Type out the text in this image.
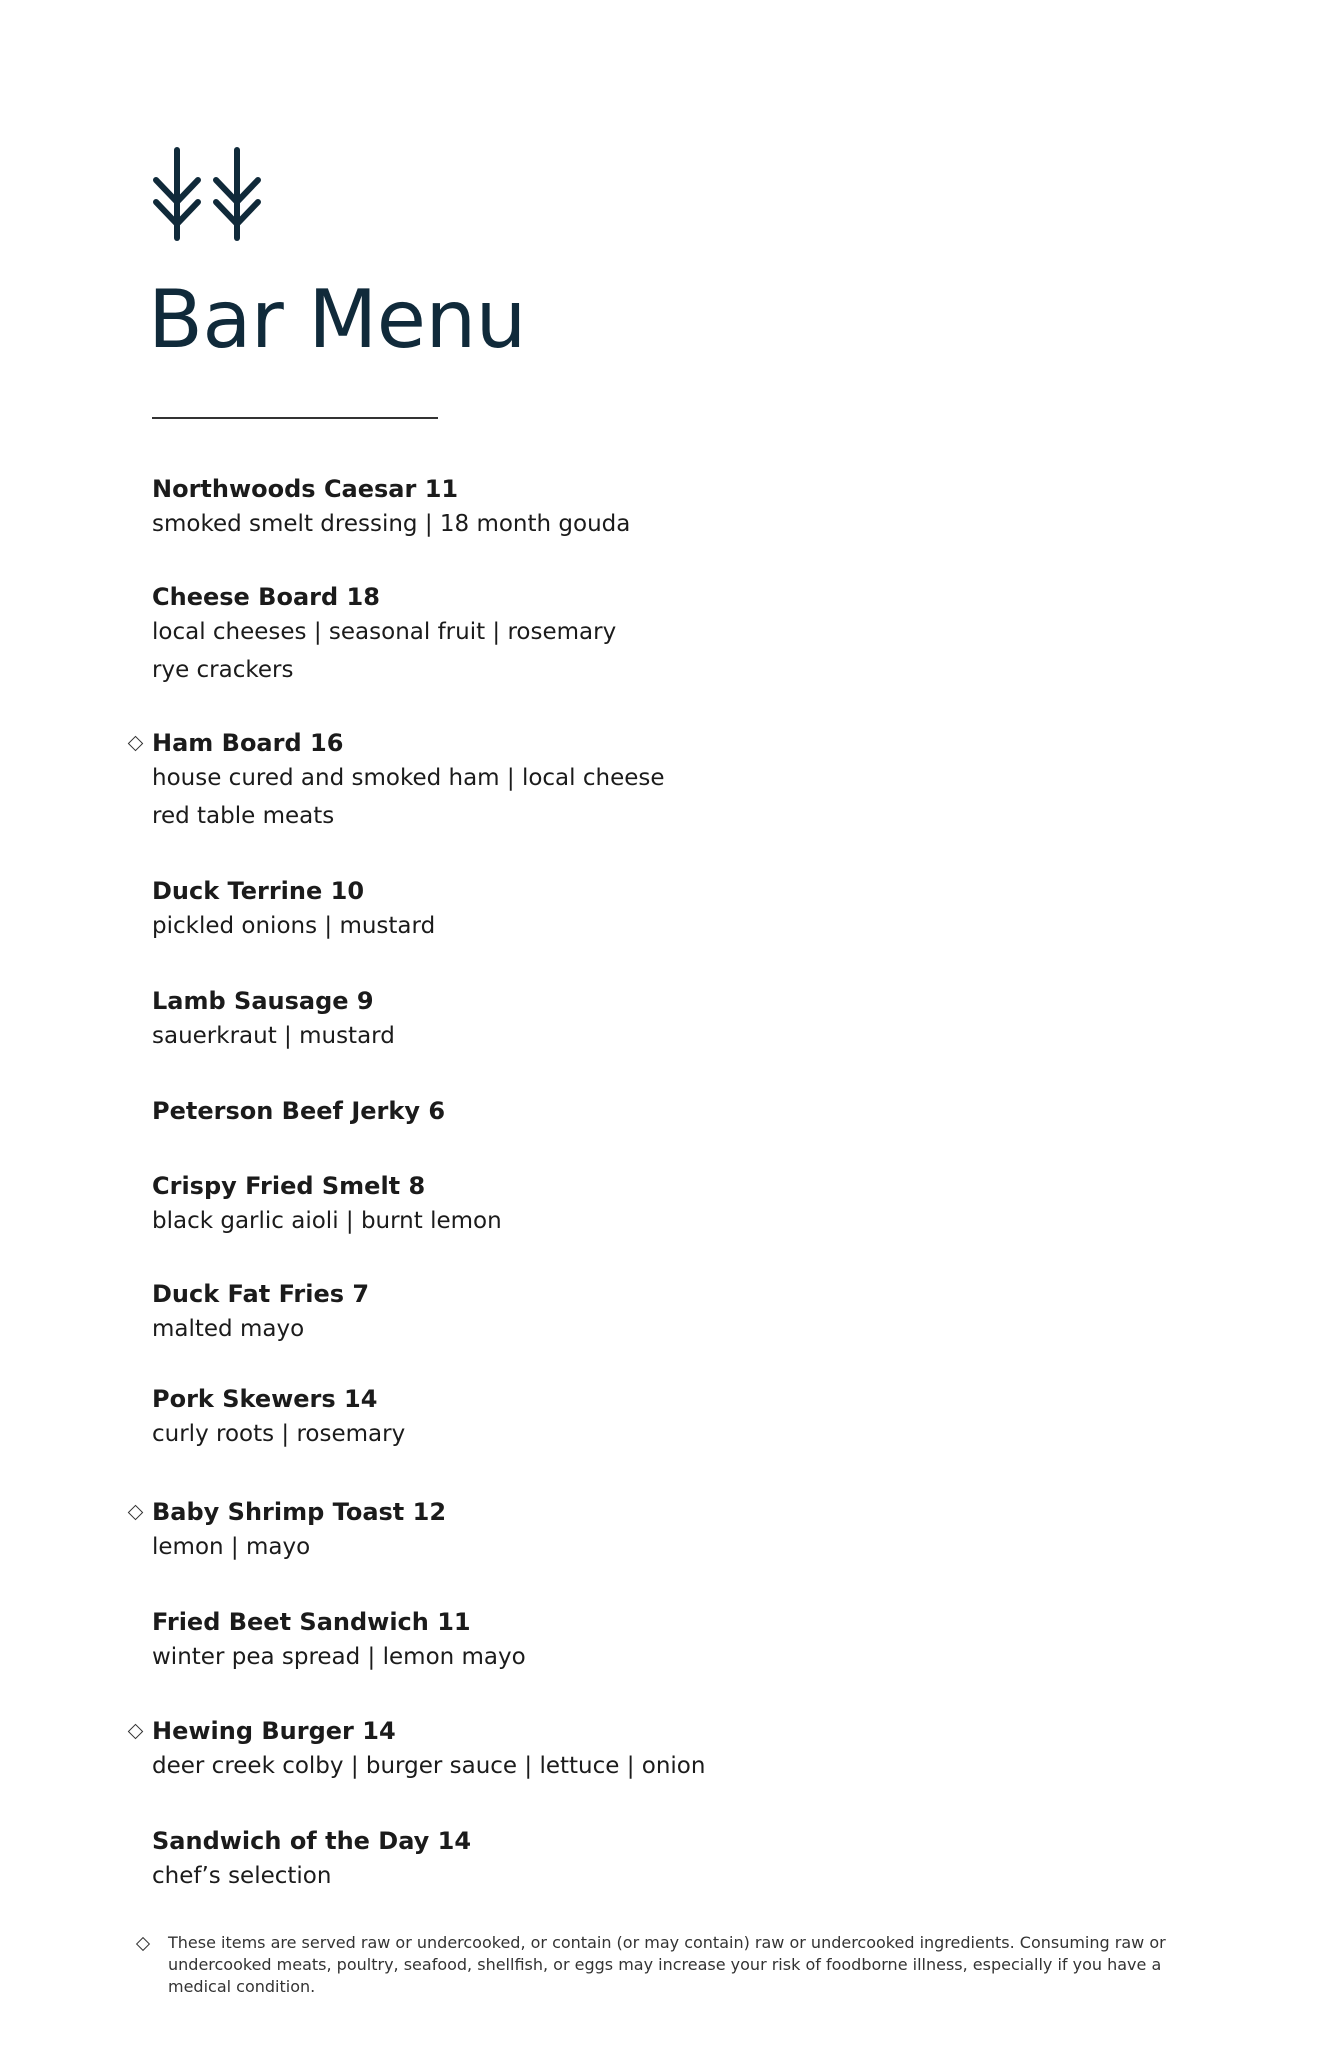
Bar Menu
Northwoods Caesar 11
smoked smelt dressing | 18 month gouda
Cheese Board 18
local cheeses | seasonal fruit | rosemary
rye crackers
Ham Board 16
house cured and smoked ham | local cheese
red table meats
Duck Terrine 10
pickled onions | mustard
Lamb Sausage 9
sauerkraut | mustard
Peterson Beef Jerky 6
Crispy Fried Smelt 8
black garlic aioli | burnt lemon
Duck Fat Fries 7
malted mayo
Pork Skewers 14
curly roots | rosemary
Baby Shrimp Toast 12
lemon | mayo
Fried Beet Sandwich 11
winter pea spread | lemon mayo
Hewing Burger 14
deer creek colby | burger sauce | lettuce | onion
Sandwich of the Day 14
chef’s selection
These items are served raw or undercooked, or contain (or may contain) raw or undercooked ingredients. Consuming raw or undercooked meats, poultry, seafood, shellfish, or eggs may increase your risk of foodborne illness, especially if you have a medical condition.
